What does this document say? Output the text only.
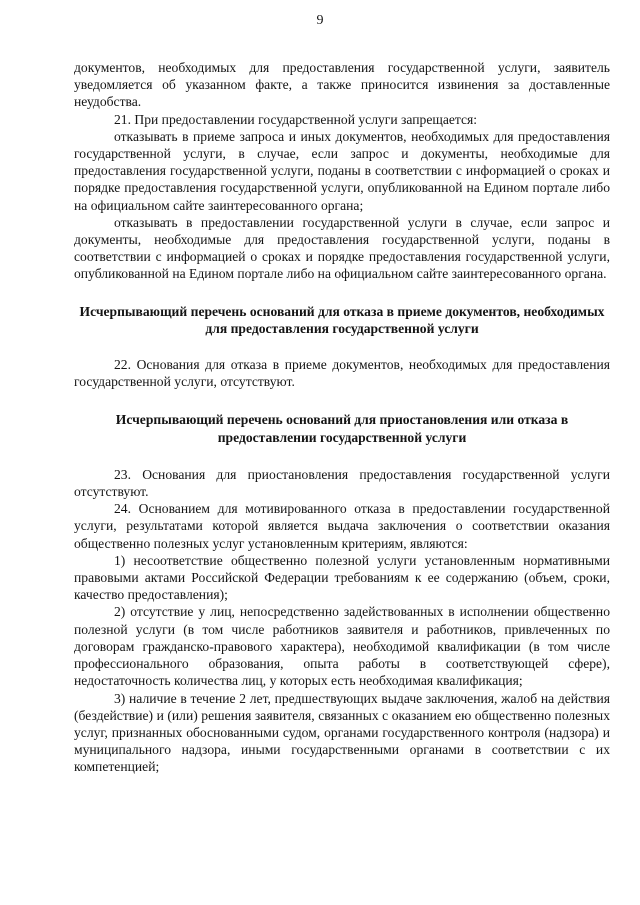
9

документов, необходимых для предоставления государственной услуги, заявитель уведомляется об указанном факте, а также приносится извинения за доставленные неудобства.

21. При предоставлении государственной услуги запрещается:

отказывать в приеме запроса и иных документов, необходимых для предоставления государственной услуги, в случае, если запрос и документы, необходимые для предоставления государственной услуги, поданы в соответствии с информацией о сроках и порядке предоставления государственной услуги, опубликованной на Едином портале либо на официальном сайте заинтересованного органа;

отказывать в предоставлении государственной услуги в случае, если запрос и документы, необходимые для предоставления государственной услуги, поданы в соответствии с информацией о сроках и порядке предоставления государственной услуги, опубликованной на Едином портале либо на официальном сайте заинтересованного органа.

Исчерпывающий перечень оснований для отказа в приеме документов, необходимых для предоставления государственной услуги

22. Основания для отказа в приеме документов, необходимых для предоставления государственной услуги, отсутствуют.

Исчерпывающий перечень оснований для приостановления или отказа в предоставлении государственной услуги

23. Основания для приостановления предоставления государственной услуги отсутствуют.

24. Основанием для мотивированного отказа в предоставлении государственной услуги, результатами которой является выдача заключения о соответствии оказания общественно полезных услуг установленным критериям, являются:

1) несоответствие общественно полезной услуги установленным нормативными правовыми актами Российской Федерации требованиям к ее содержанию (объем, сроки, качество предоставления);

2) отсутствие у лиц, непосредственно задействованных в исполнении общественно полезной услуги (в том числе работников заявителя и работников, привлеченных по договорам гражданско-правового характера), необходимой квалификации (в том числе профессионального образования, опыта работы в соответствующей сфере), недостаточность количества лиц, у которых есть необходимая квалификация;

3) наличие в течение 2 лет, предшествующих выдаче заключения, жалоб на действия (бездействие) и (или) решения заявителя, связанных с оказанием ею общественно полезных услуг, признанных обоснованными судом, органами государственного контроля (надзора) и муниципального надзора, иными государственными органами в соответствии с их компетенцией;
